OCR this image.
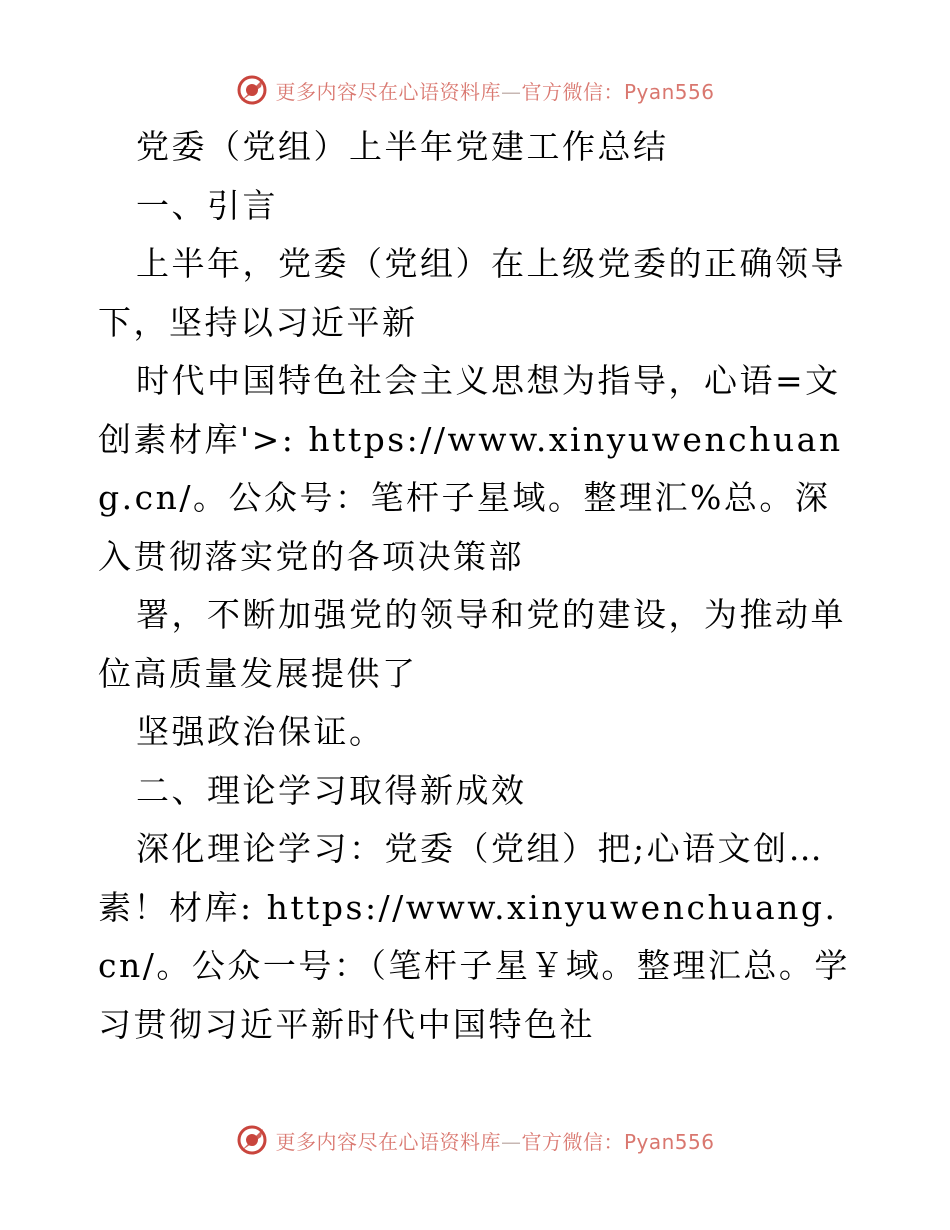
更多内容尽在心语资料库—官方微信：Pyan556

党委（党组）上半年党建工作总结

一、引言

上半年，党委（党组）在上级党委的正确领导下，坚持以习近平新

时代中国特色社会主义思想为指导，心语=文创素材库'>: https://www.xinyuwenchuang.cn/。公众号：笔杆子星域。整理汇%总。深入贯彻落实党的各项决策部

署，不断加强党的领导和党的建设，为推动单位高质量发展提供了

坚强政治保证。

二、理论学习取得新成效

深化理论学习：党委（党组）把;心语文创…素！材库: https://www.xinyuwenchuang.cn/。公众一号：（笔杆子星￥域。整理汇总。学习贯彻习近平新时代中国特色社

更多内容尽在心语资料库—官方微信：Pyan556
